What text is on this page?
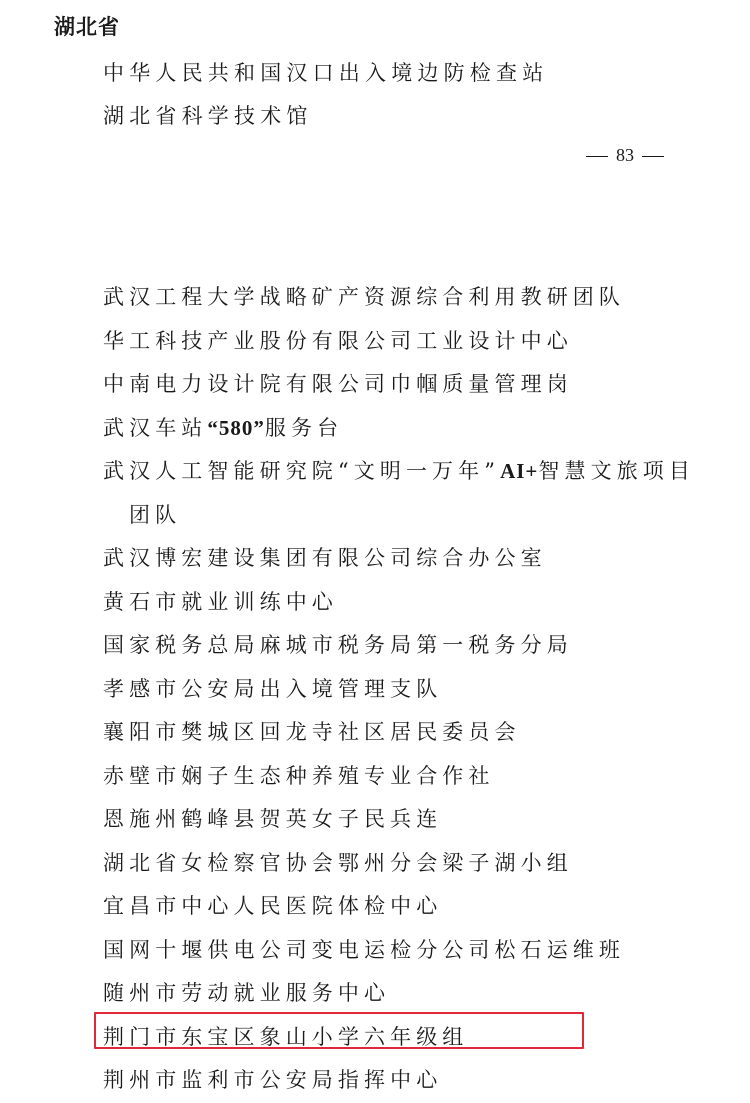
湖北省

中华人民共和国汉口出入境边防检查站

湖北省科学技术馆

83
武汉工程大学战略矿产资源综合利用教研团队
华工科技产业股份有限公司工业设计中心
中南电力设计院有限公司巾帼质量管理岗
武汉车站“580”服务台
武汉人工智能研究院“文明一万年”AI+智慧文旅项目
团队
武汉博宏建设集团有限公司综合办公室
黄石市就业训练中心
国家税务总局麻城市税务局第一税务分局
孝感市公安局出入境管理支队
襄阳市樊城区回龙寺社区居民委员会
赤壁市娴子生态种养殖专业合作社
恩施州鹤峰县贺英女子民兵连
湖北省女检察官协会鄂州分会梁子湖小组
宜昌市中心人民医院体检中心
国网十堰供电公司变电运检分公司松石运维班
随州市劳动就业服务中心
荆门市东宝区象山小学六年级组
荆州市监利市公安局指挥中心
